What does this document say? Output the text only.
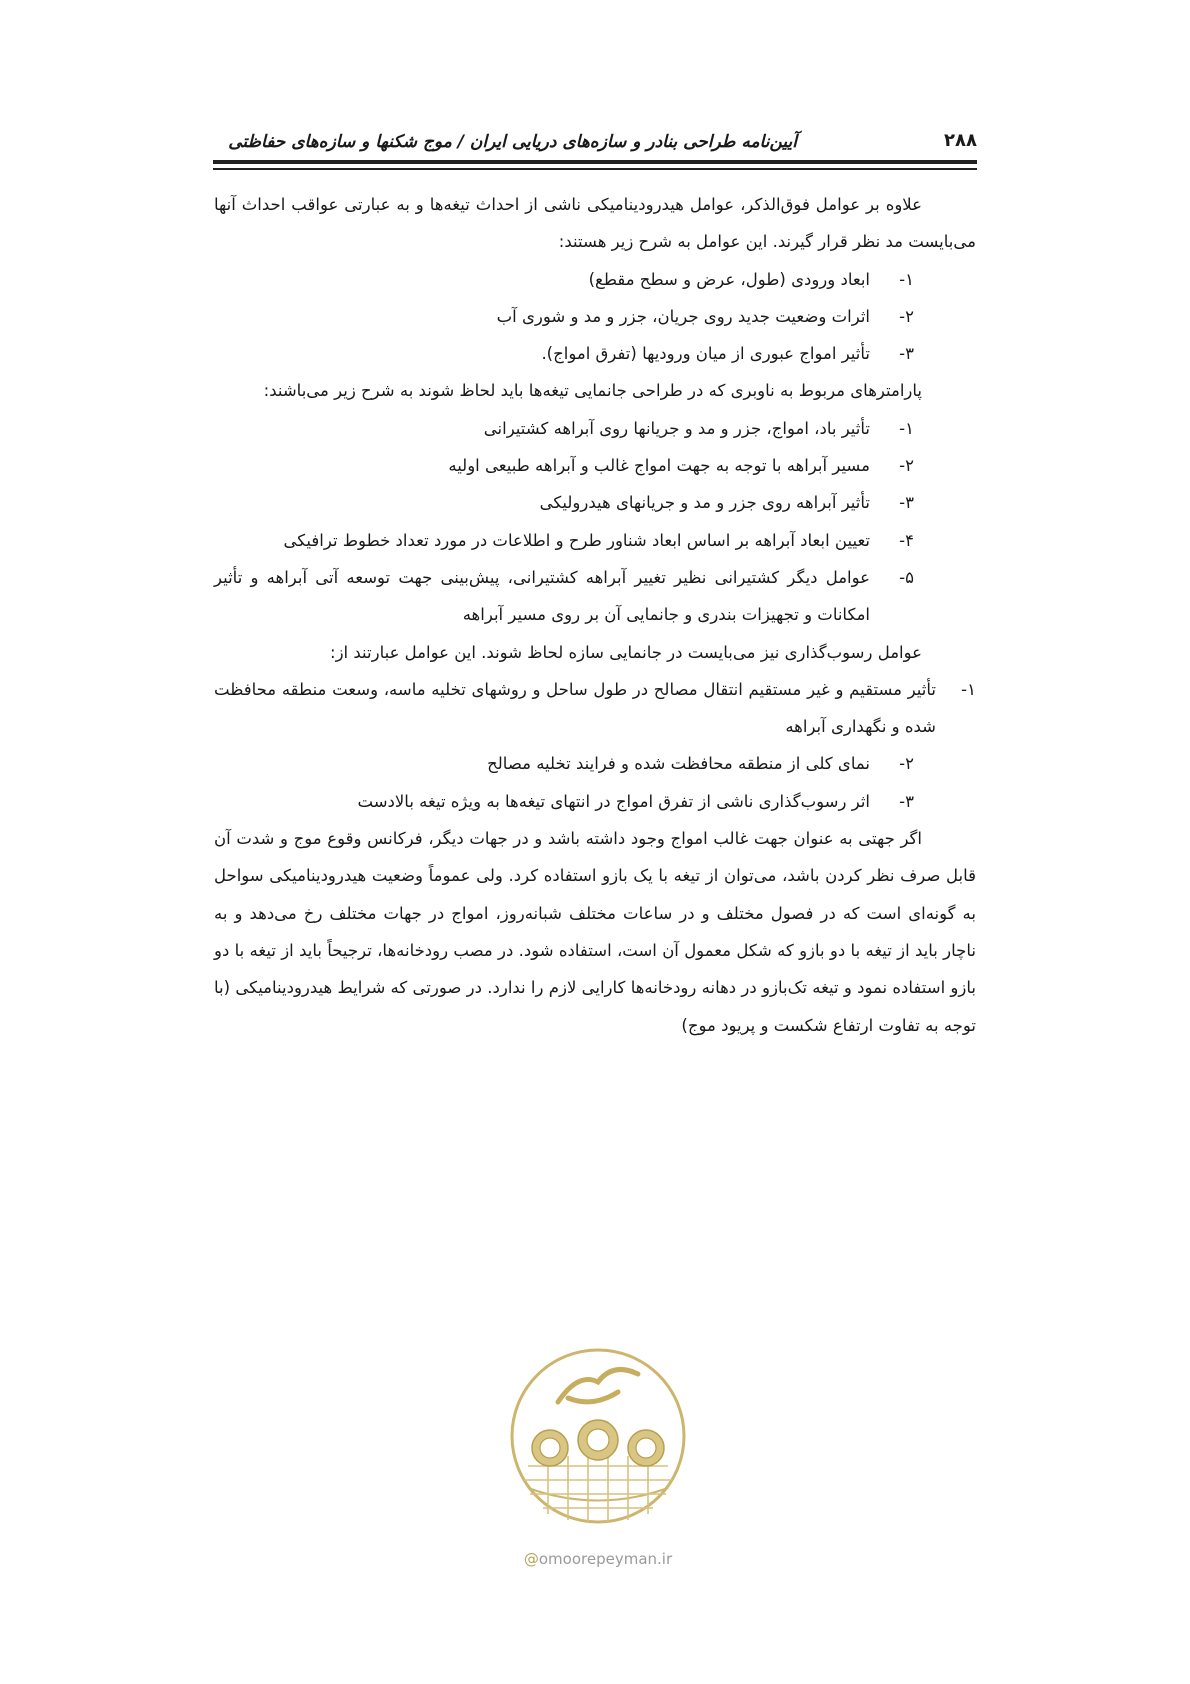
۲۸۸
آیین‌نامه طراحی بنادر و سازه‌های دریایی ایران / موج شکنها و سازه‌های حفاظتی

علاوه بر عوامل فوق‌الذکر، عوامل هیدرودینامیکی ناشی از احداث تیغه‌ها و به عبارتی عواقب احداث آنها می‌بایست مد نظر قرار گیرند. این عوامل به شرح زیر هستند:

۱-
ابعاد ورودی (طول، عرض و سطح مقطع)
۲-
اثرات وضعیت جدید روی جریان، جزر و مد و شوری آب
۳-
تأثیر امواج عبوری از میان ورودیها (تفرق امواج).

پارامترهای مربوط به ناوبری که در طراحی جانمایی تیغه‌ها باید لحاظ شوند به شرح زیر می‌باشند:

۱-
تأثیر باد، امواج، جزر و مد و جریانها روی آبراهه کشتیرانی
۲-
مسیر آبراهه با توجه به جهت امواج غالب و آبراهه طبیعی اولیه
۳-
تأثیر آبراهه روی جزر و مد و جریانهای هیدرولیکی
۴-
تعیین ابعاد آبراهه بر اساس ابعاد شناور طرح و اطلاعات در مورد تعداد خطوط ترافیکی
۵-
عوامل دیگر کشتیرانی نظیر تغییر آبراهه کشتیرانی، پیش‌بینی جهت توسعه آتی آبراهه و تأثیر امکانات و تجهیزات بندری و جانمایی آن بر روی مسیر آبراهه

عوامل رسوب‌گذاری نیز می‌بایست در جانمایی سازه لحاظ شوند. این عوامل عبارتند از:

۱-
تأثیر مستقیم و غیر مستقیم انتقال مصالح در طول ساحل و روشهای تخلیه ماسه، وسعت منطقه محافظت شده و نگهداری آبراهه
۲-
نمای کلی از منطقه محافظت شده و فرایند تخلیه مصالح
۳-
اثر رسوب‌گذاری ناشی از تفرق امواج در انتهای تیغه‌ها به ویژه تیغه بالادست

اگر جهتی به عنوان جهت غالب امواج وجود داشته باشد و در جهات دیگر، فرکانس وقوع موج و شدت آن قابل صرف نظر کردن باشد، می‌توان از تیغه با یک بازو استفاده کرد. ولی عموماً وضعیت هیدرودینامیکی سواحل به گونه‌ای است که در فصول مختلف و در ساعات مختلف شبانه‌روز، امواج در جهات مختلف رخ می‌دهد و به ناچار باید از تیغه با دو بازو که شکل معمول آن است، استفاده شود. در مصب رودخانه‌ها، ترجیحاً باید از تیغه با دو بازو استفاده نمود و تیغه تک‌بازو در دهانه رودخانه‌ها کارایی لازم را ندارد. در صورتی که شرایط هیدرودینامیکی (با توجه به تفاوت ارتفاع شکست و پریود موج)

@omoorepeyman.ir
